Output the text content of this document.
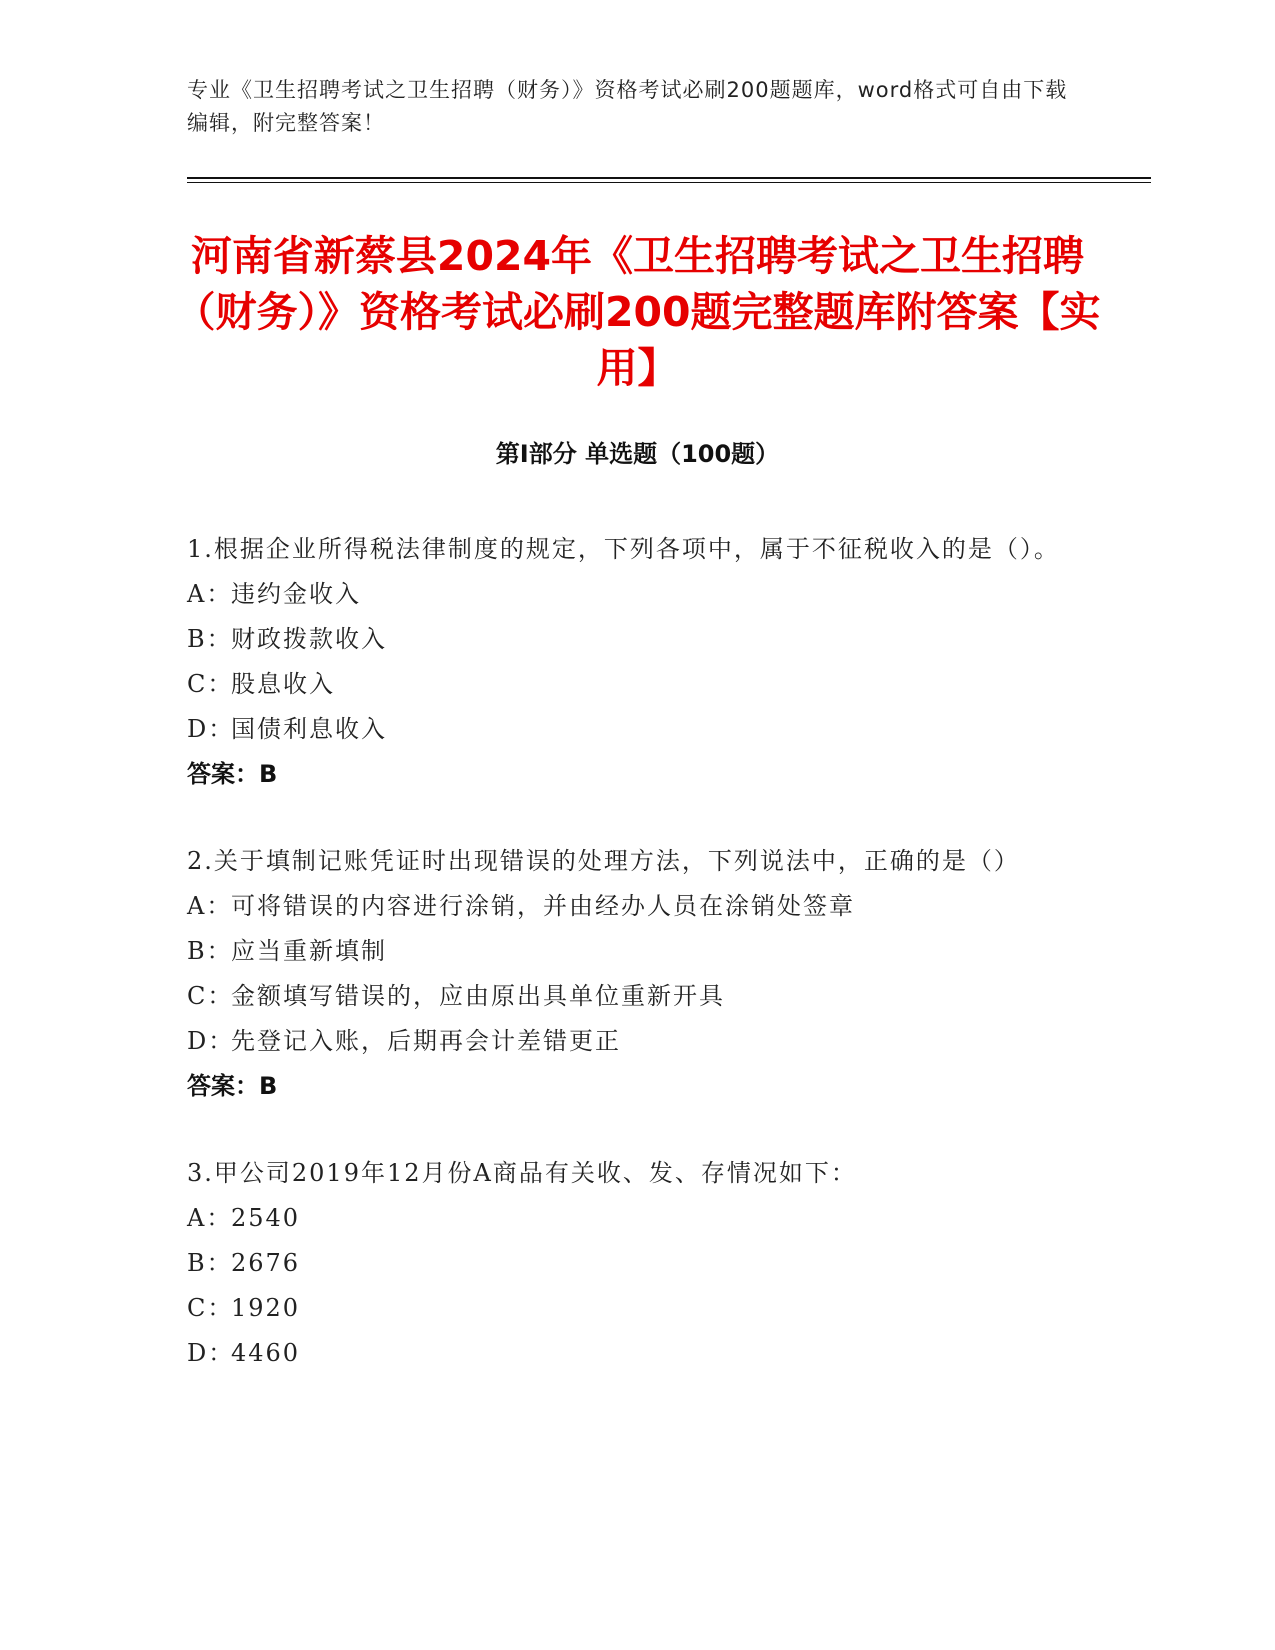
专业《卫生招聘考试之卫生招聘（财务）》资格考试必刷200题题库，word格式可自由下载编辑，附完整答案！
河南省新蔡县2024年《卫生招聘考试之卫生招聘（财务）》资格考试必刷200题完整题库附答案【实用】
第Ⅰ部分 单选题（100题）

1.根据企业所得税法律制度的规定，下列各项中，属于不征税收入的是（）。

A：违约金收入

B：财政拨款收入

C：股息收入

D：国债利息收入

答案：B

2.关于填制记账凭证时出现错误的处理方法，下列说法中，正确的是（）

A：可将错误的内容进行涂销，并由经办人员在涂销处签章

B：应当重新填制

C：金额填写错误的，应由原出具单位重新开具

D：先登记入账，后期再会计差错更正

答案：B

3.甲公司2019年12月份A商品有关收、发、存情况如下：

A：2540

B：2676

C：1920

D：4460
